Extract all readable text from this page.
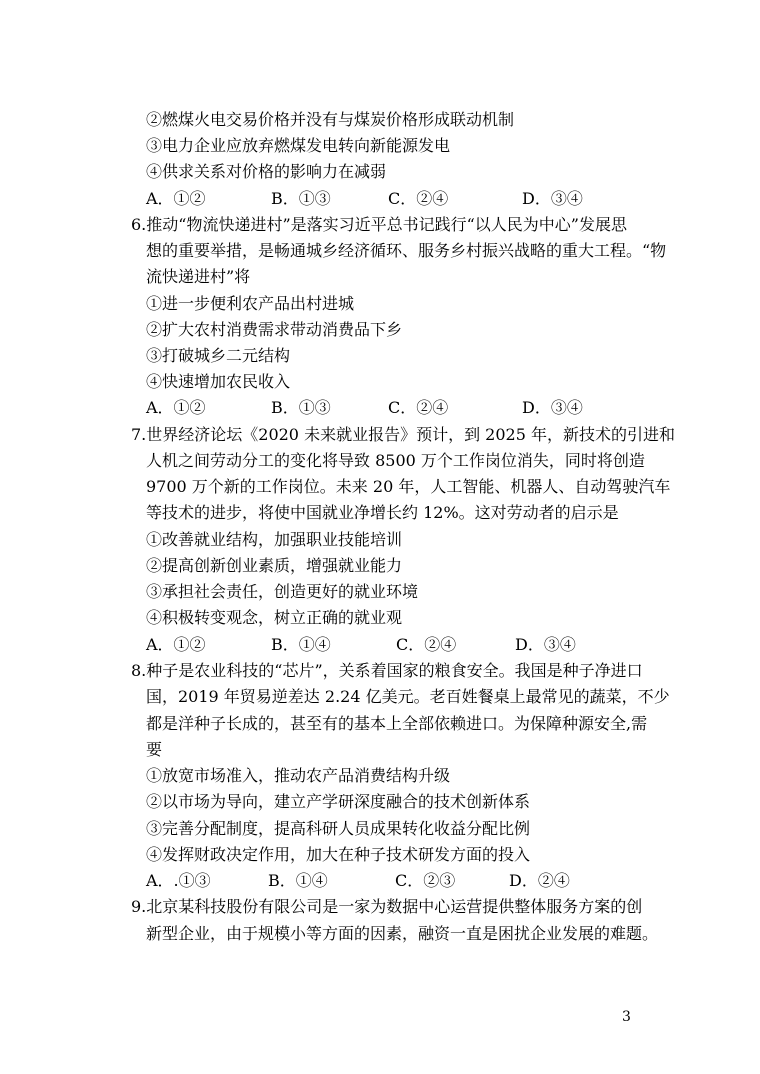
②燃煤火电交易价格并没有与煤炭价格形成联动机制
③电力企业应放弃燃煤发电转向新能源发电
④供求关系对价格的影响力在减弱
A．①②	B．①③	C．②④	D．③④
6.推动“物流快递进村”是落实习近平总书记践行“以人民为中心”发展思
想的重要举措，是畅通城乡经济循环、服务乡村振兴战略的重大工程。“物
流快递进村”将
①进一步便利农产品出村进城
②扩大农村消费需求带动消费品下乡
③打破城乡二元结构
④快速增加农民收入
A．①②	B．①③	C．②④	D．③④
7.世界经济论坛《2020 未来就业报告》预计，到 2025 年，新技术的引进和
人机之间劳动分工的变化将导致 8500 万个工作岗位消失，同时将创造
9700 万个新的工作岗位。未来 20 年，人工智能、机器人、自动驾驶汽车
等技术的进步，将使中国就业净增长约 12%。这对劳动者的启示是
①改善就业结构，加强职业技能培训
②提高创新创业素质，增强就业能力
③承担社会责任，创造更好的就业环境
④积极转变观念，树立正确的就业观
A．①②	B．①④	C．②④	D．③④
8.种子是农业科技的“芯片”，关系着国家的粮食安全。我国是种子净进口
国，2019 年贸易逆差达 2.24 亿美元。老百姓餐桌上最常见的蔬菜，不少
都是洋种子长成的，甚至有的基本上全部依赖进口。为保障种源安全,需
要
①放宽市场准入，推动农产品消费结构升级
②以市场为导向，建立产学研深度融合的技术创新体系
③完善分配制度，提高科研人员成果转化收益分配比例
④发挥财政决定作用，加大在种子技术研发方面的投入
A．.①③	B．①④	C．②③	D．②④
9.北京某科技股份有限公司是一家为数据中心运营提供整体服务方案的创
新型企业，由于规模小等方面的因素，融资一直是困扰企业发展的难题。
3
